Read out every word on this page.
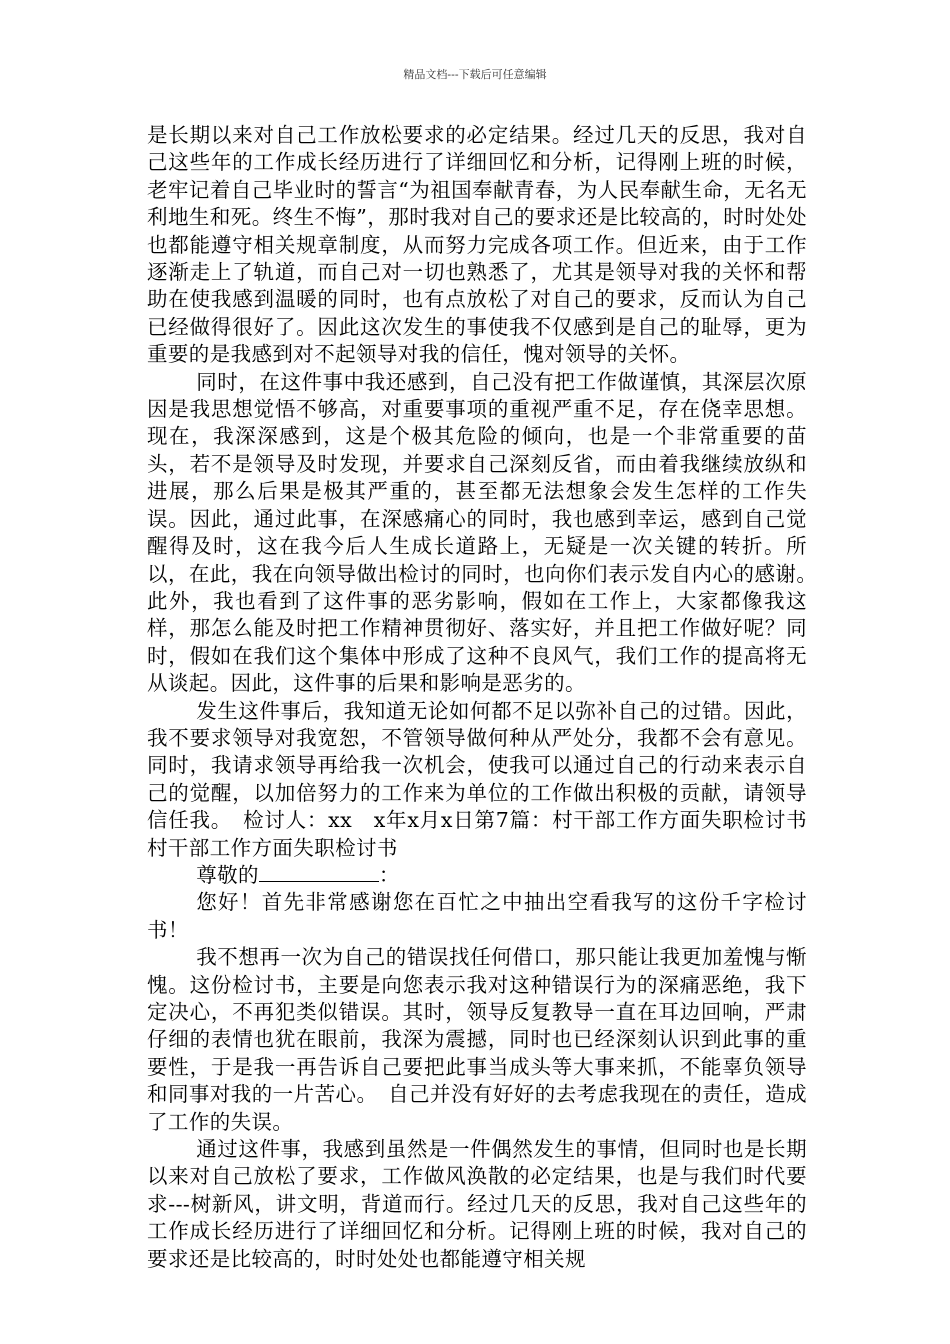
精品文档---下载后可任意编辑

是长期以来对自己工作放松要求的必定结果。经过几天的反思，我对自己这些年的工作成长经历进行了详细回忆和分析，记得刚上班的时候，老牢记着自己毕业时的誓言“为祖国奉献青春，为人民奉献生命，无名无利地生和死。终生不悔”，那时我对自己的要求还是比较高的，时时处处也都能遵守相关规章制度，从而努力完成各项工作。但近来，由于工作逐渐走上了轨道，而自己对一切也熟悉了，尤其是领导对我的关怀和帮助在使我感到温暖的同时，也有点放松了对自己的要求，反而认为自己已经做得很好了。因此这次发生的事使我不仅感到是自己的耻辱，更为重要的是我感到对不起领导对我的信任，愧对领导的关怀。

同时，在这件事中我还感到，自己没有把工作做谨慎，其深层次原因是我思想觉悟不够高，对重要事项的重视严重不足，存在侥幸思想。现在，我深深感到，这是个极其危险的倾向，也是一个非常重要的苗头，若不是领导及时发现，并要求自己深刻反省，而由着我继续放纵和进展，那么后果是极其严重的，甚至都无法想象会发生怎样的工作失误。因此，通过此事，在深感痛心的同时，我也感到幸运，感到自己觉醒得及时，这在我今后人生成长道路上，无疑是一次关键的转折。所以，在此，我在向领导做出检讨的同时，也向你们表示发自内心的感谢。　此外，我也看到了这件事的恶劣影响，假如在工作上，大家都像我这样，那怎么能及时把工作精神贯彻好、落实好，并且把工作做好呢？同时，假如在我们这个集体中形成了这种不良风气，我们工作的提高将无从谈起。因此，这件事的后果和影响是恶劣的。

发生这件事后，我知道无论如何都不足以弥补自己的过错。因此，我不要求领导对我宽恕，不管领导做何种从严处分，我都不会有意见。同时，我请求领导再给我一次机会，使我可以通过自己的行动来表示自己的觉醒，以加倍努力的工作来为单位的工作做出积极的贡献，请领导信任我。　检讨人：xx　x年x月x日第7篇：村干部工作方面失职检讨书村干部工作方面失职检讨书

尊敬的	：

您好！首先非常感谢您在百忙之中抽出空看我写的这份千字检讨书！

我不想再一次为自己的错误找任何借口，那只能让我更加羞愧与惭愧。这份检讨书，主要是向您表示我对这种错误行为的深痛恶绝，我下定决心，不再犯类似错误。其时，领导反复教导一直在耳边回响，严肃仔细的表情也犹在眼前，我深为震撼，同时也已经深刻认识到此事的重要性，于是我一再告诉自己要把此事当成头等大事来抓，不能辜负领导和同事对我的一片苦心。　自己并没有好好的去考虑我现在的责任，造成了工作的失误。

通过这件事，我感到虽然是一件偶然发生的事情，但同时也是长期以来对自己放松了要求，工作做风涣散的必定结果，也是与我们时代要求---树新风，讲文明，背道而行。经过几天的反思，我对自己这些年的工作成长经历进行了详细回忆和分析。记得刚上班的时候，我对自己的要求还是比较高的，时时处处也都能遵守相关规
